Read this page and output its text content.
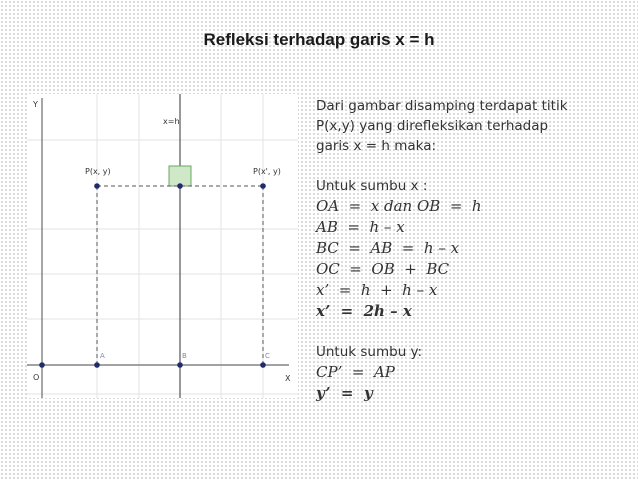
Refleksi terhadap garis x = h
Y
X
O
x=h
P(x, y)	P(x', y)
A	B	C

Dari gambar disamping terdapat titik

P(x,y) yang direfleksikan terhadap

garis x = h maka:

Untuk sumbu x :

OA  =  x dan OB  =  h

AB  =  h – x

BC  =  AB  =  h – x

OC  =  OB  +  BC

x’  =  h  +  h – x

x’  =  2h – x

Untuk sumbu y:

CP’  =  AP

y’  =  y
